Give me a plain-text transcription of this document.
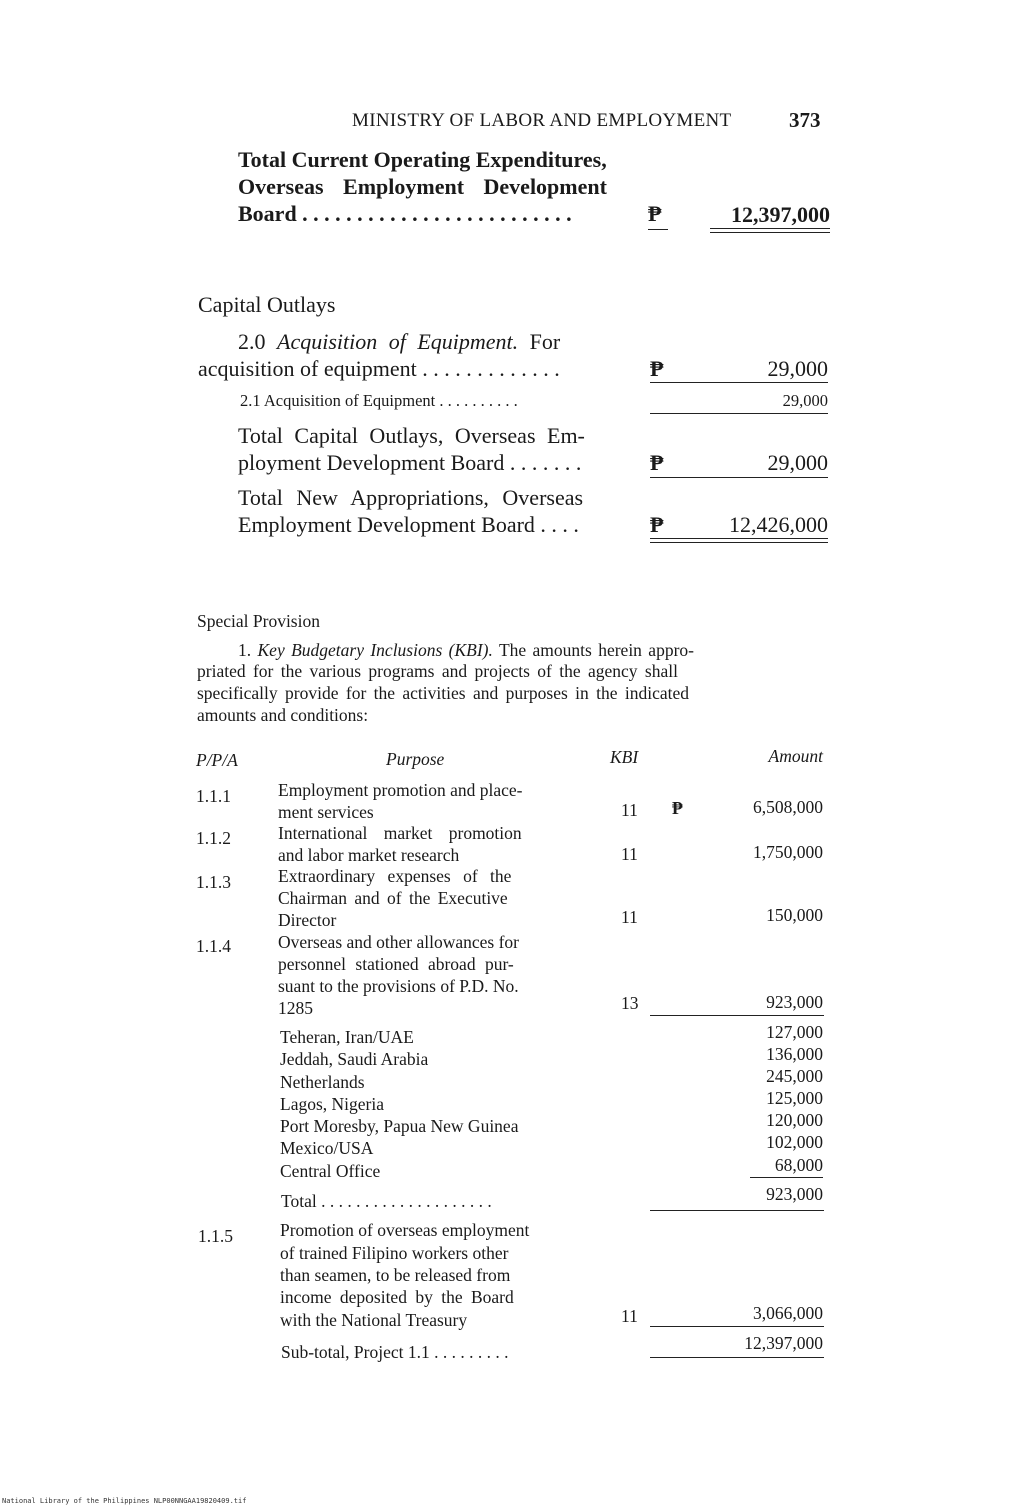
MINISTRY OF LABOR AND EMPLOYMENT	373
Total Current Operating Expenditures,
Overseas Employment Development
Board . . . . . . . . . . . . . . . . . . . . . . . . .	₱	12,397,000
Capital Outlays
2.0 Acquisition of Equipment. For
acquisition of equipment . . . . . . . . . . . . .	₱	29,000
2.1 Acquisition of Equipment . . . . . . . . . .	29,000
Total Capital Outlays, Overseas Em-
ployment Development Board . . . . . . .	₱	29,000
Total New Appropriations, Overseas
Employment Development Board . . . .	₱	12,426,000
Special Provision
1. Key Budgetary Inclusions (KBI). The amounts herein appro-
priated for the various programs and projects of the agency shall
specifically provide for the activities and purposes in the indicated
amounts and conditions:
P/P/A	Purpose	KBI	Amount
1.1.1	Employment promotion and place-
ment services	11 ₱	6,508,000
1.1.2	International market promotion
and labor market research	11	1,750,000
1.1.3	Extraordinary expenses of the
Chairman and of the Executive
Director	11	150,000
1.1.4	Overseas and other allowances for
personnel stationed abroad pur-
suant to the provisions of P.D. No.
1285	13	923,000
Teheran, Iran/UAE	127,000
Jeddah, Saudi Arabia	136,000
Netherlands	245,000
Lagos, Nigeria	125,000
Port Moresby, Papua New Guinea	120,000
Mexico/USA	102,000
Central Office	68,000
Total . . . . . . . . . . . . . . . . . . . .	923,000
1.1.5	Promotion of overseas employment
of trained Filipino workers other
than seamen, to be released from
income deposited by the Board
with the National Treasury	11	3,066,000
Sub-total, Project 1.1 . . . . . . . . .	12,397,000
National Library of the Philippines NLP00NNGAA19820409.tif
